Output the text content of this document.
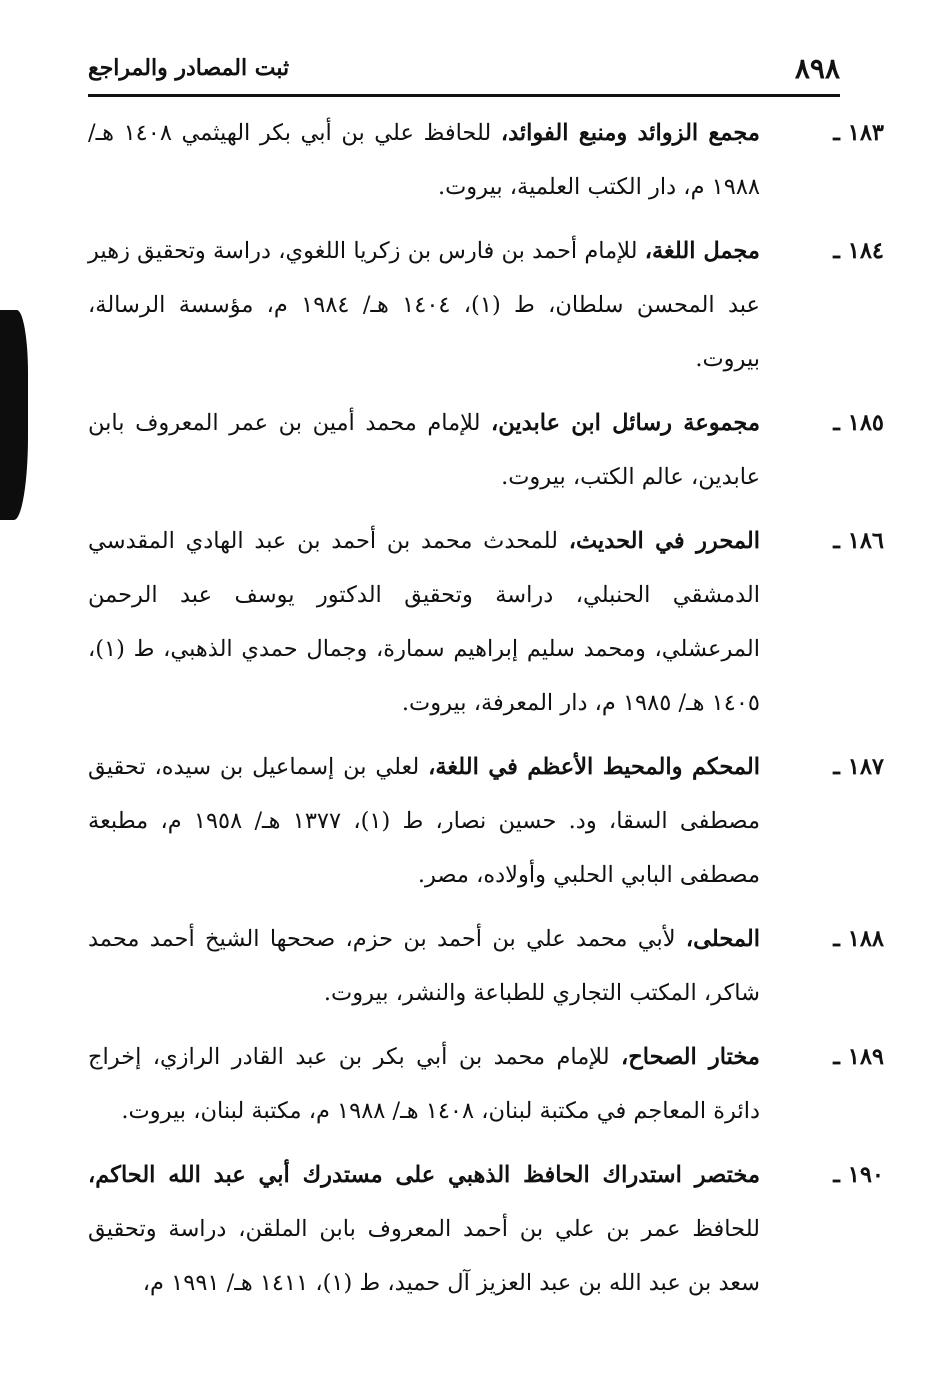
٨٩٨
ثبت المصادر والمراجع
١٨٣ ـ
مجمع الزوائد ومنبع الفوائد، للحافظ علي بن أبي بكر الهيثمي ١٤٠٨ هـ/ ١٩٨٨ م، دار الكتب العلمية، بيروت.
١٨٤ ـ
مجمل اللغة، للإمام أحمد بن فارس بن زكريا اللغوي، دراسة وتحقيق زهير عبد المحسن سلطان، ط (١)، ١٤٠٤ هـ/ ١٩٨٤ م، مؤسسة الرسالة، بيروت.
١٨٥ ـ
مجموعة رسائل ابن عابدين، للإمام محمد أمين بن عمر المعروف بابن عابدين، عالم الكتب، بيروت.
١٨٦ ـ
المحرر في الحديث، للمحدث محمد بن أحمد بن عبد الهادي المقدسي الدمشقي الحنبلي، دراسة وتحقيق الدكتور يوسف عبد الرحمن المرعشلي، ومحمد سليم إبراهيم سمارة، وجمال حمدي الذهبي، ط (١)، ١٤٠٥ هـ/ ١٩٨٥ م، دار المعرفة، بيروت.
١٨٧ ـ
المحكم والمحيط الأعظم في اللغة، لعلي بن إسماعيل بن سيده، تحقيق مصطفى السقا، ود. حسين نصار، ط (١)، ١٣٧٧ هـ/ ١٩٥٨ م، مطبعة مصطفى البابي الحلبي وأولاده، مصر.
١٨٨ ـ
المحلى، لأبي محمد علي بن أحمد بن حزم، صححها الشيخ أحمد محمد شاكر، المكتب التجاري للطباعة والنشر، بيروت.
١٨٩ ـ
مختار الصحاح، للإمام محمد بن أبي بكر بن عبد القادر الرازي، إخراج دائرة المعاجم في مكتبة لبنان، ١٤٠٨ هـ/ ١٩٨٨ م، مكتبة لبنان، بيروت.
١٩٠ ـ
مختصر استدراك الحافظ الذهبي على مستدرك أبي عبد الله الحاكم، للحافظ عمر بن علي بن أحمد المعروف بابن الملقن، دراسة وتحقيق سعد بن عبد الله بن عبد العزيز آل حميد، ط (١)، ١٤١١ هـ/ ١٩٩١ م،
